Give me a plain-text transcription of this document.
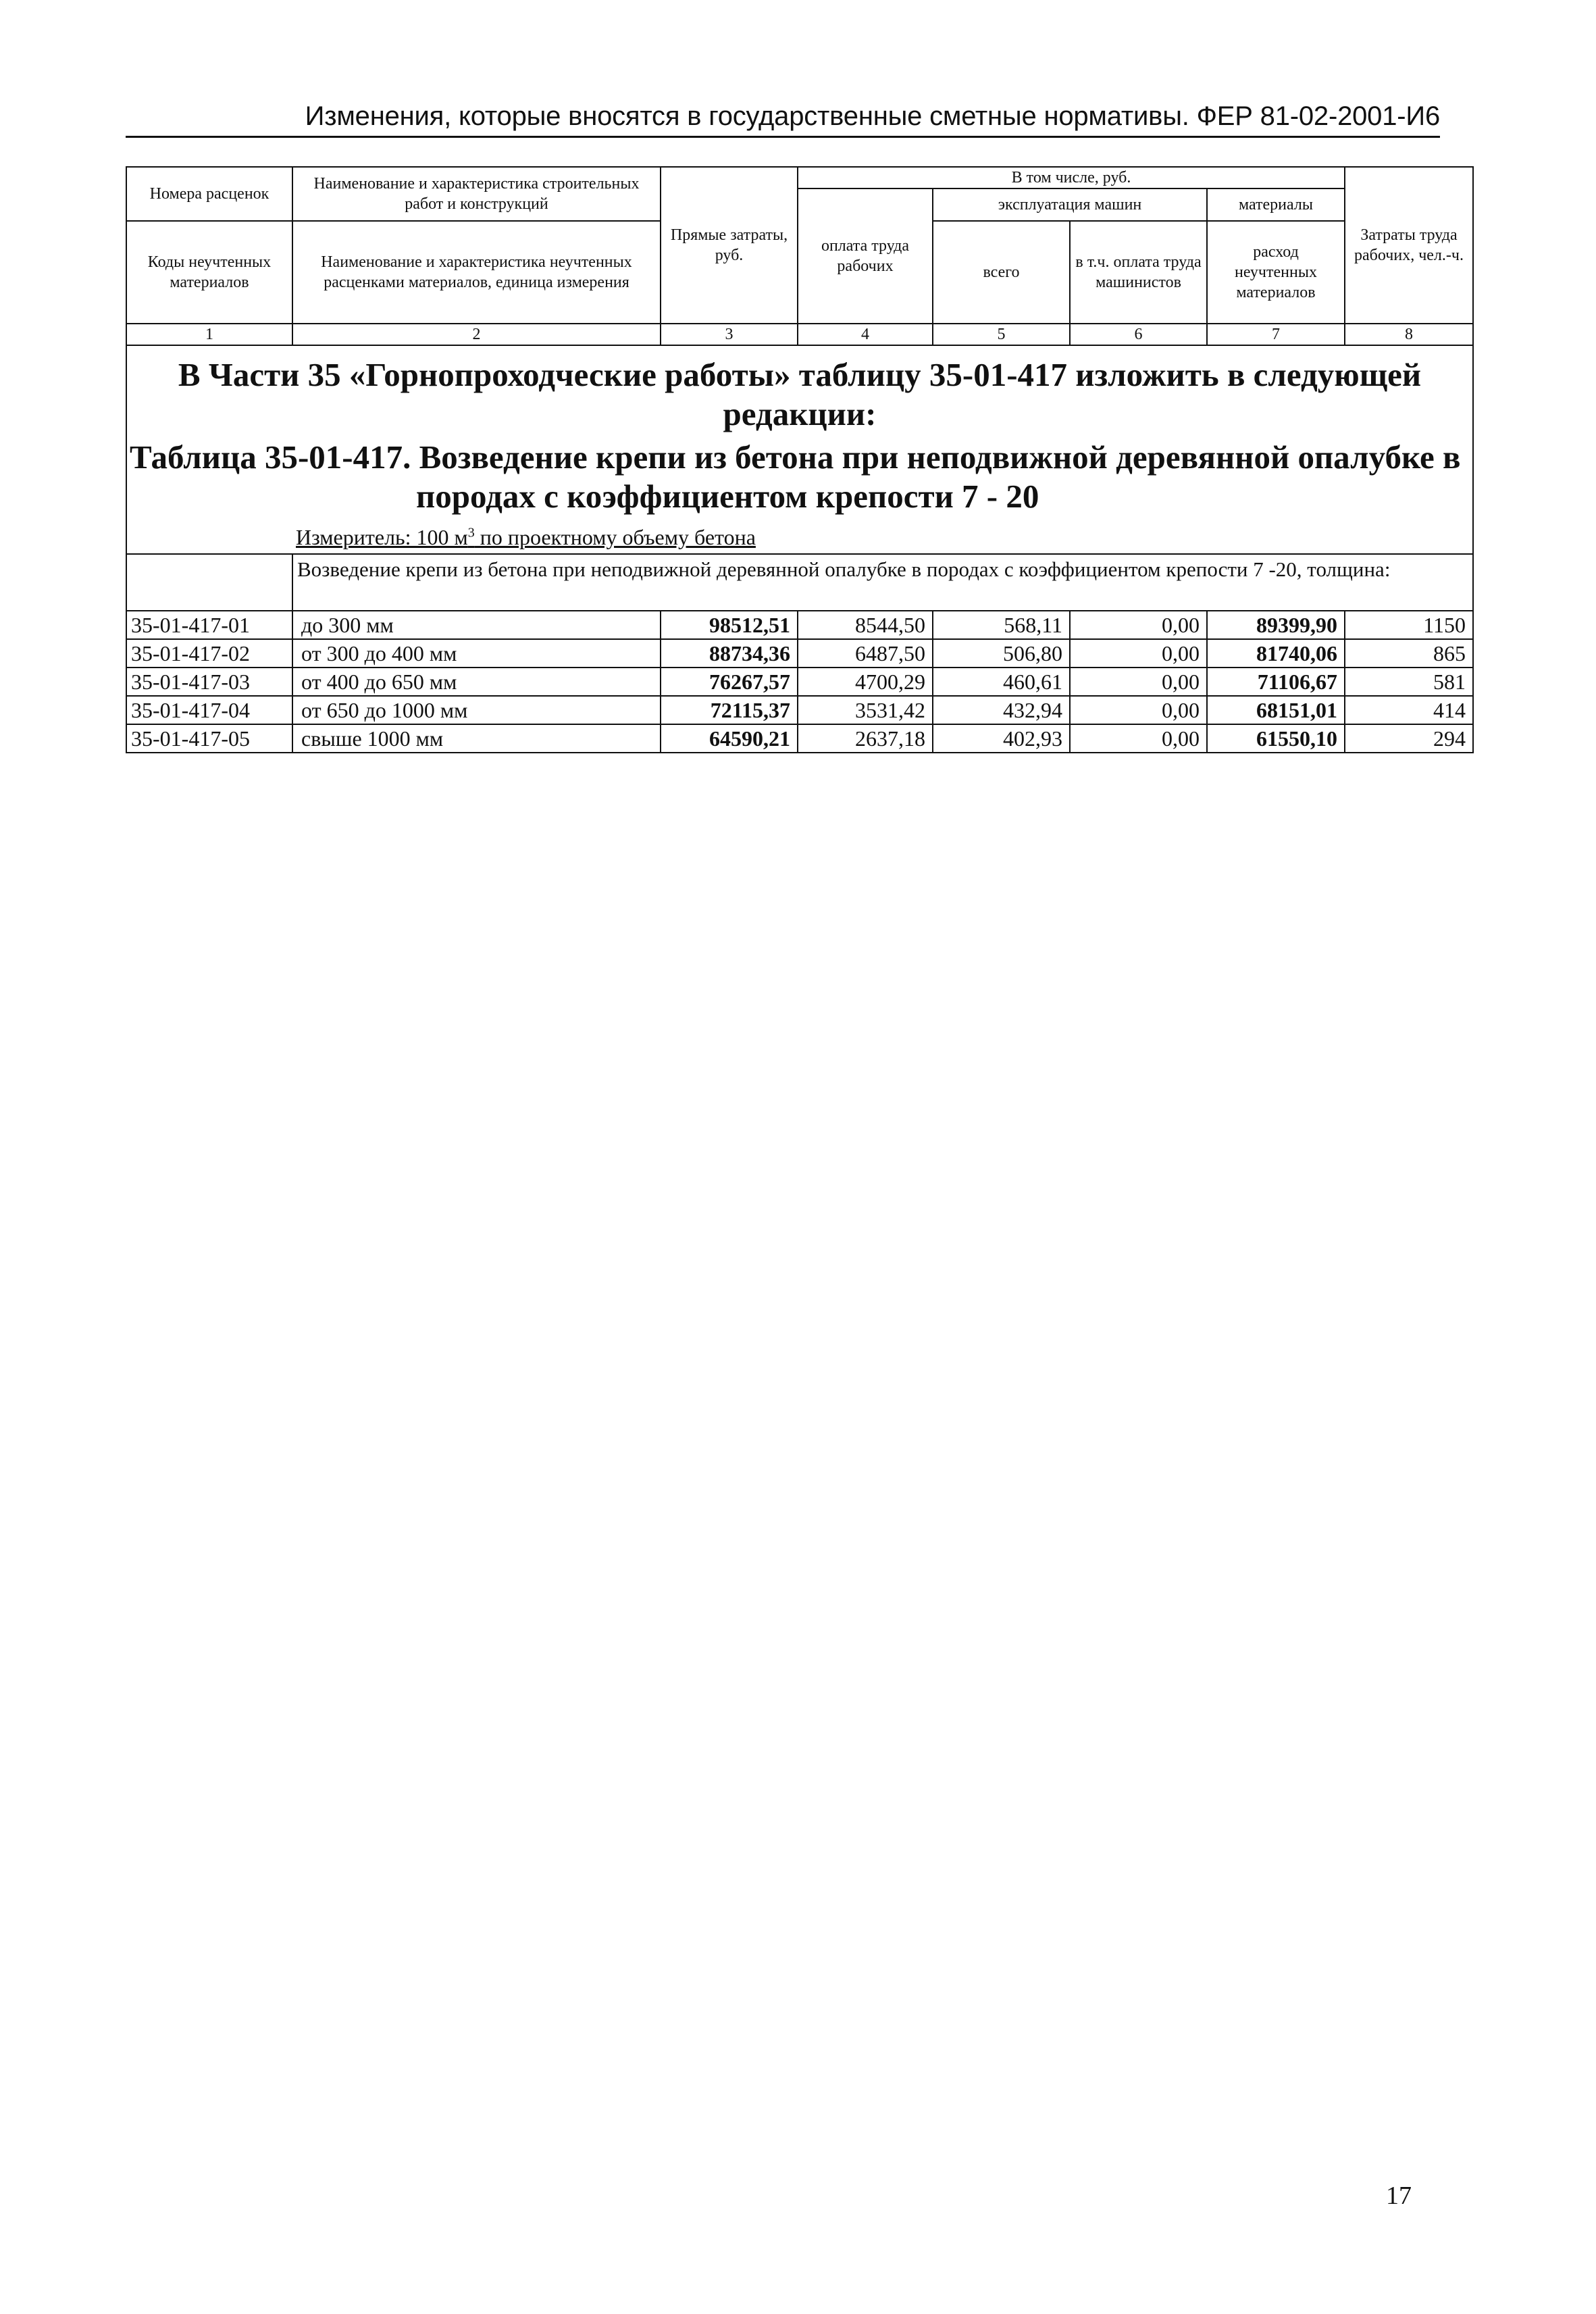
Изменения, которые вносятся в государственные сметные нормативы. ФЕР 81-02-2001-И6
Номера расценок	Наименование и характеристика строительных работ и конструкций	Прямые затраты, руб.	В том числе, руб.				Затраты труда рабочих, чел.-ч.
			оплата труда рабочих	эксплуатация машин		материалы	
Коды неучтенных материалов	Наименование и характеристика неучтенных расценками материалов, единица измерения			всего	в т.ч. оплата труда машинистов	расход неучтенных материалов	
1	2	3	4	5	6	7	8

В Части 35 «Горнопроходческие работы» таблицу 35-01-417 изложить в следующей редакции:
Таблица 35-01-417. Возведение крепи из бетона при неподвижной деревянной опалубке в
породах с коэффициентом крепости 7 - 20
Измеритель: 100 $м^3$ по проектному объему бетона							

	Возведение крепи из бетона при неподвижной деревянной опалубке в породах с коэффициентом крепости 7 -20, толщина:						
35-01-417-01	до 300 мм	98512,51	8544,50	568,11	0,00	89399,90	1150
35-01-417-02	от 300 до 400 мм	88734,36	6487,50	506,80	0,00	81740,06	865
35-01-417-03	от 400 до 650 мм	76267,57	4700,29	460,61	0,00	71106,67	581
35-01-417-04	от 650 до 1000 мм	72115,37	3531,42	432,94	0,00	68151,01	414
35-01-417-05	свыше 1000 мм	64590,21	2637,18	402,93	0,00	61550,10	294
17
